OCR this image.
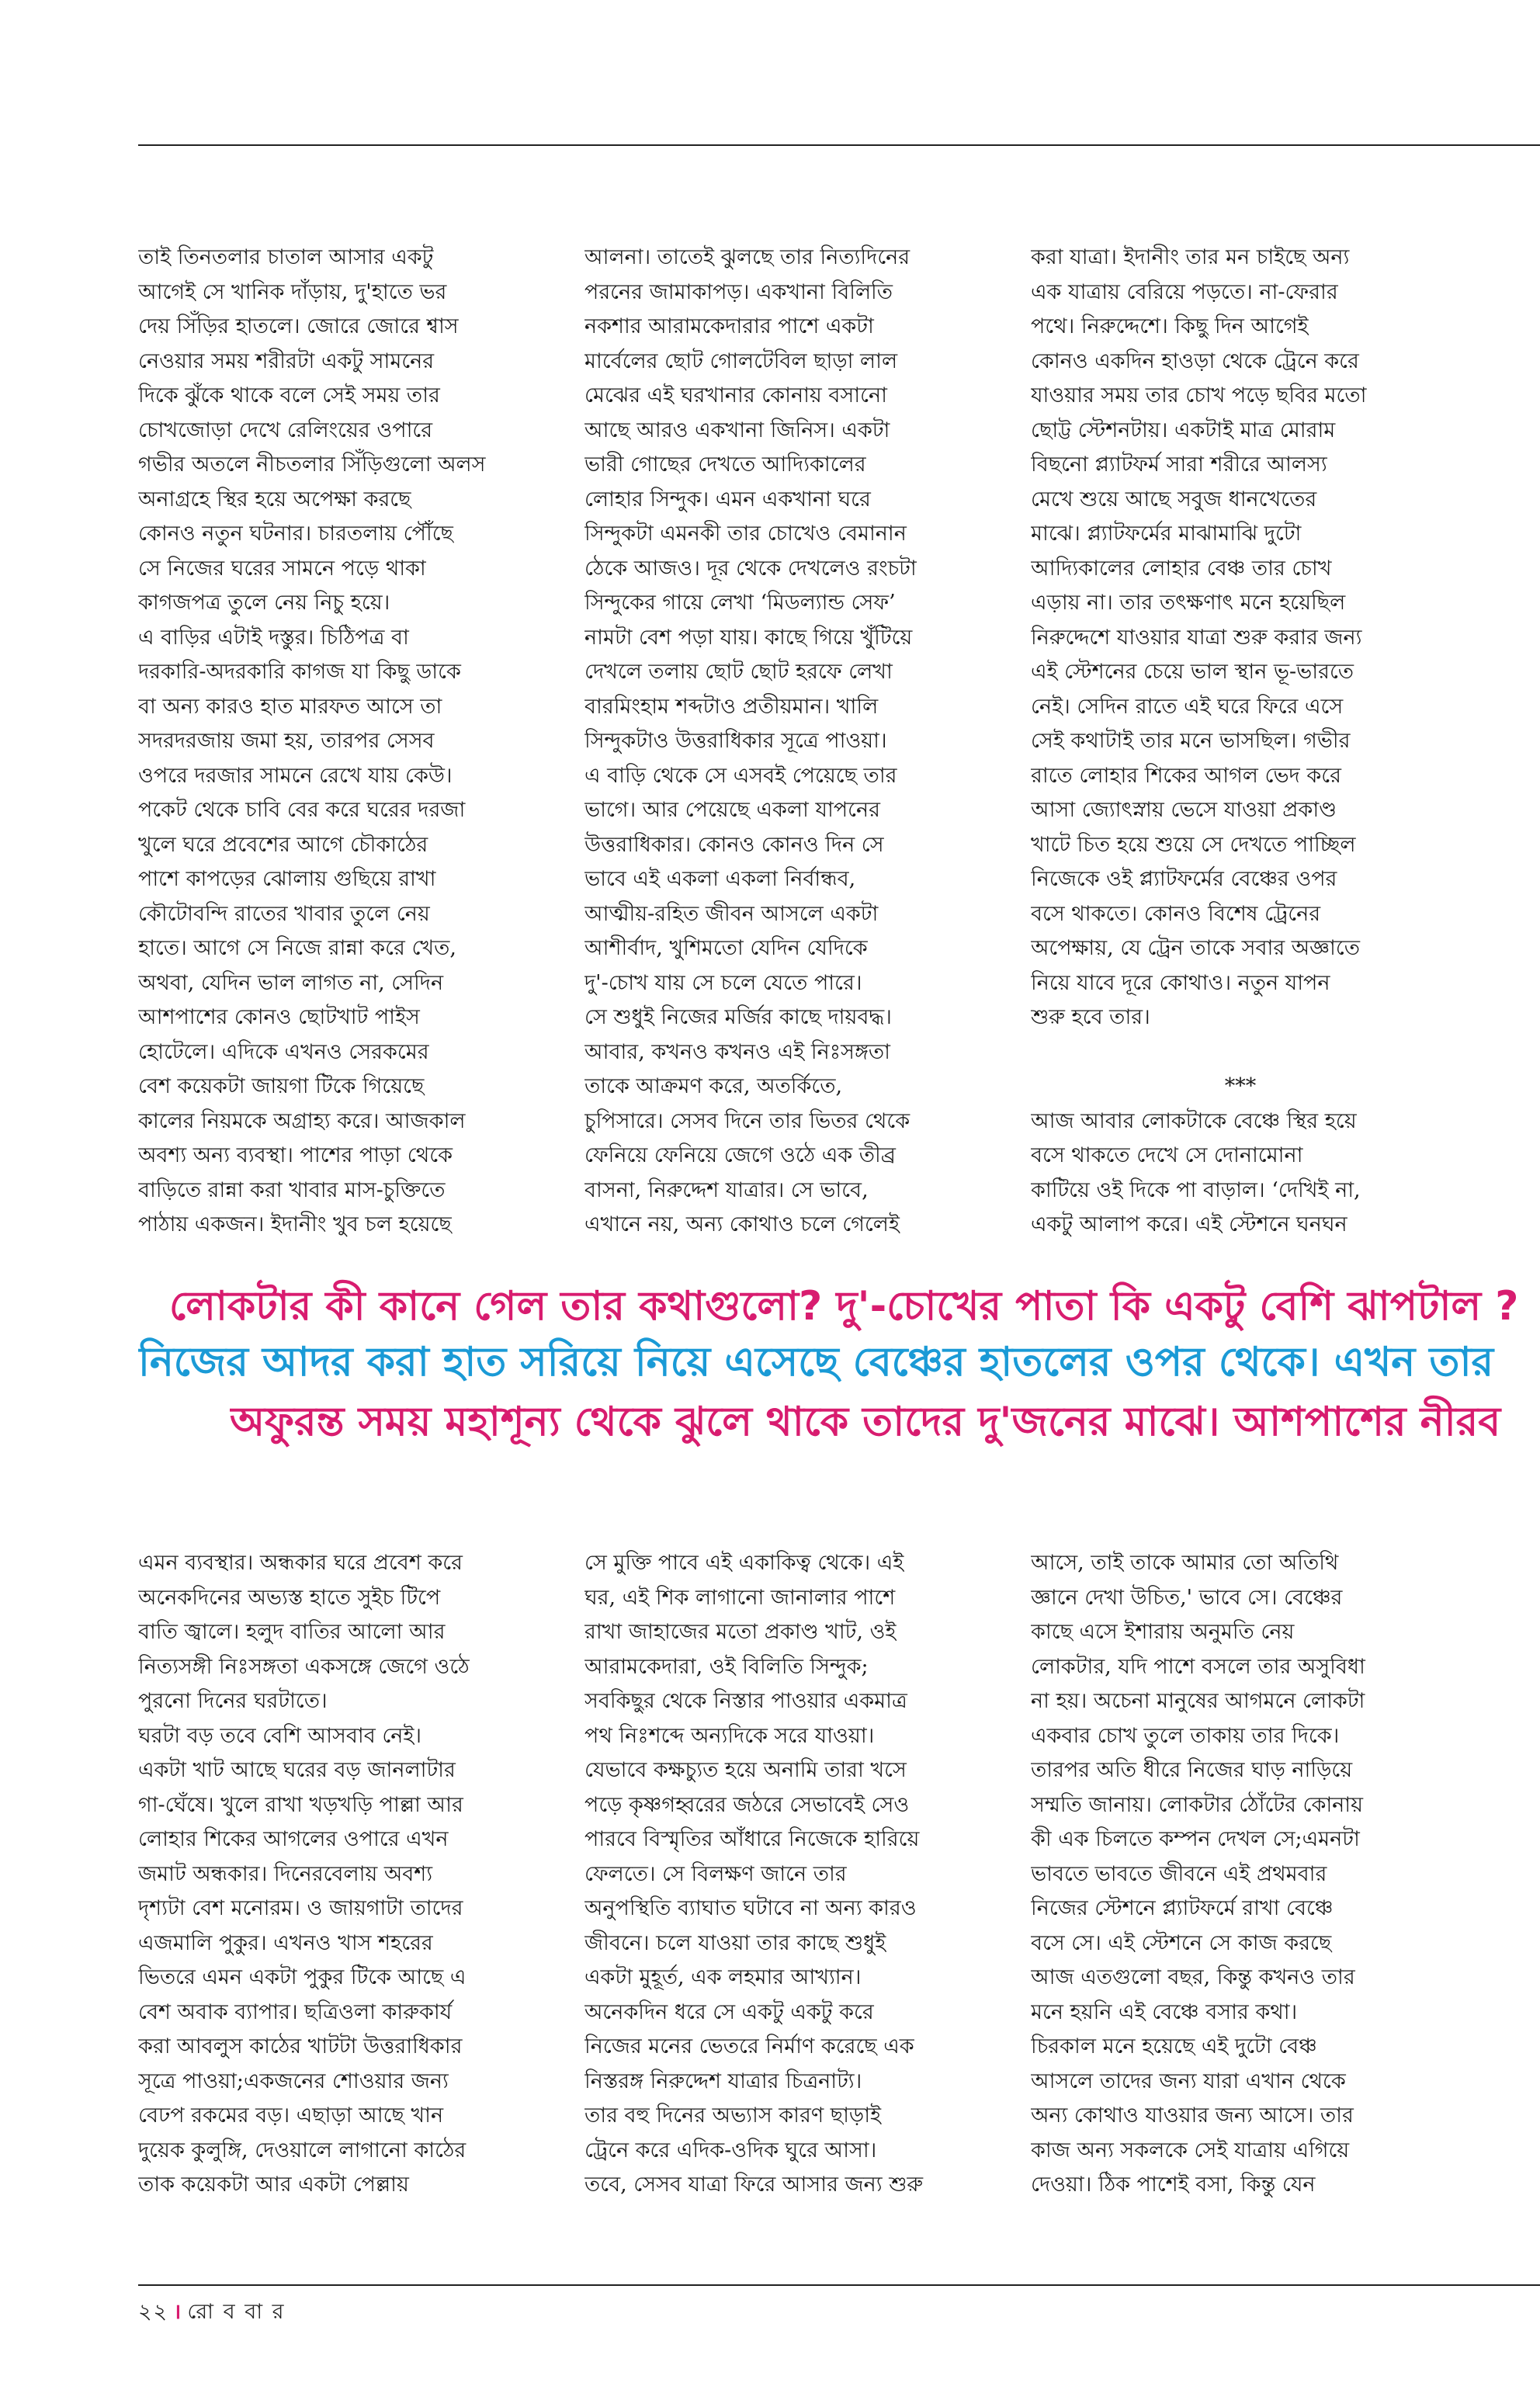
তাই তিনতলার চাতাল আসার একটু
আগেই সে খানিক দাঁড়ায়, দু'হাতে ভর
দেয় সিঁড়ির হাতলে। জোরে জোরে শ্বাস
নেওয়ার সময় শরীরটা একটু সামনের
দিকে ঝুঁকে থাকে বলে সেই সময় তার
চোখজোড়া দেখে রেলিংয়ের ওপারে
গভীর অতলে নীচতলার সিঁড়িগুলো অলস
অনাগ্রহে স্থির হয়ে অপেক্ষা করছে
কোনও নতুন ঘটনার। চারতলায় পৌঁছে
সে নিজের ঘরের সামনে পড়ে থাকা
কাগজপত্র তুলে নেয় নিচু হয়ে।
এ বাড়ির এটাই দস্তুর। চিঠিপত্র বা
দরকারি-অদরকারি কাগজ যা কিছু ডাকে
বা অন্য কারও হাত মারফত আসে তা
সদরদরজায় জমা হয়, তারপর সেসব
ওপরে দরজার সামনে রেখে যায় কেউ।
পকেট থেকে চাবি বের করে ঘরের দরজা
খুলে ঘরে প্রবেশের আগে চৌকাঠের
পাশে কাপড়ের ঝোলায় গুছিয়ে রাখা
কৌটোবন্দি রাতের খাবার তুলে নেয়
হাতে। আগে সে নিজে রান্না করে খেত,
অথবা, যেদিন ভাল লাগত না, সেদিন
আশপাশের কোনও ছোটখাট পাইস
হোটেলে। এদিকে এখনও সেরকমের
বেশ কয়েকটা জায়গা টিকে গিয়েছে
কালের নিয়মকে অগ্রাহ্য করে। আজকাল
অবশ্য অন্য ব্যবস্থা। পাশের পাড়া থেকে
বাড়িতে রান্না করা খাবার মাস-চুক্তিতে
পাঠায় একজন। ইদানীং খুব চল হয়েছে
আলনা। তাতেই ঝুলছে তার নিত্যদিনের
পরনের জামাকাপড়। একখানা বিলিতি
নকশার আরামকেদারার পাশে একটা
মার্বেলের ছোট গোলটেবিল ছাড়া লাল
মেঝের এই ঘরখানার কোনায় বসানো
আছে আরও একখানা জিনিস। একটা
ভারী গোছের দেখতে আদ্যিকালের
লোহার সিন্দুক। এমন একখানা ঘরে
সিন্দুকটা এমনকী তার চোখেও বেমানান
ঠেকে আজও। দূর থেকে দেখলেও রংচটা
সিন্দুকের গায়ে লেখা ‘মিডল্যান্ড সেফ’
নামটা বেশ পড়া যায়। কাছে গিয়ে খুঁটিয়ে
দেখলে তলায় ছোট ছোট হরফে লেখা
বারমিংহাম শব্দটাও প্রতীয়মান। খালি
সিন্দুকটাও উত্তরাধিকার সূত্রে পাওয়া।
এ বাড়ি থেকে সে এসবই পেয়েছে তার
ভাগে। আর পেয়েছে একলা যাপনের
উত্তরাধিকার। কোনও কোনও দিন সে
ভাবে এই একলা একলা নির্বান্ধব,
আত্মীয়-রহিত জীবন আসলে একটা
আশীর্বাদ, খুশিমতো যেদিন যেদিকে
দু'-চোখ যায় সে চলে যেতে পারে।
সে শুধুই নিজের মর্জির কাছে দায়বদ্ধ।
আবার, কখনও কখনও এই নিঃসঙ্গতা
তাকে আক্রমণ করে, অতর্কিতে,
চুপিসারে। সেসব দিনে তার ভিতর থেকে
ফেনিয়ে ফেনিয়ে জেগে ওঠে এক তীব্র
বাসনা, নিরুদ্দেশ যাত্রার। সে ভাবে,
এখানে নয়, অন্য কোথাও চলে গেলেই
করা যাত্রা। ইদানীং তার মন চাইছে অন্য
এক যাত্রায় বেরিয়ে পড়তে। না-ফেরার
পথে। নিরুদ্দেশে। কিছু দিন আগেই
কোনও একদিন হাওড়া থেকে ট্রেনে করে
যাওয়ার সময় তার চোখ পড়ে ছবির মতো
ছোট্ট স্টেশনটায়। একটাই মাত্র মোরাম
বিছনো প্ল্যাটফর্ম সারা শরীরে আলস্য
মেখে শুয়ে আছে সবুজ ধানখেতের
মাঝে। প্ল্যাটফর্মের মাঝামাঝি দুটো
আদ্যিকালের লোহার বেঞ্চ তার চোখ
এড়ায় না। তার তৎক্ষণাৎ মনে হয়েছিল
নিরুদ্দেশে যাওয়ার যাত্রা শুরু করার জন্য
এই স্টেশনের চেয়ে ভাল স্থান ভূ-ভারতে
নেই। সেদিন রাতে এই ঘরে ফিরে এসে
সেই কথাটাই তার মনে ভাসছিল। গভীর
রাতে লোহার শিকের আগল ভেদ করে
আসা জ্যোৎস্নায় ভেসে যাওয়া প্রকাণ্ড
খাটে চিত হয়ে শুয়ে সে দেখতে পাচ্ছিল
নিজেকে ওই প্ল্যাটফর্মের বেঞ্চের ওপর
বসে থাকতে। কোনও বিশেষ ট্রেনের
অপেক্ষায়, যে ট্রেন তাকে সবার অজ্ঞাতে
নিয়ে যাবে দূরে কোথাও। নতুন যাপন
শুরু হবে তার।
***
আজ আবার লোকটাকে বেঞ্চে স্থির হয়ে
বসে থাকতে দেখে সে দোনামোনা
কাটিয়ে ওই দিকে পা বাড়াল। ‘দেখিই না,
একটু আলাপ করে। এই স্টেশনে ঘনঘন
লোকটার কী কানে গেল তার কথাগুলো? দু'-চোখের পাতা কি একটু বেশি ঝাপটাল ?
নিজের আদর করা হাত সরিয়ে নিয়ে এসেছে বেঞ্চের হাতলের ওপর থেকে। এখন তার
অফুরন্ত সময় মহাশূন্য থেকে ঝুলে থাকে তাদের দু'জনের মাঝে। আশপাশের নীরব
এমন ব্যবস্থার। অন্ধকার ঘরে প্রবেশ করে
অনেকদিনের অভ্যস্ত হাতে সুইচ টিপে
বাতি জ্বালে। হলুদ বাতির আলো আর
নিত্যসঙ্গী নিঃসঙ্গতা একসঙ্গে জেগে ওঠে
পুরনো দিনের ঘরটাতে।
ঘরটা বড় তবে বেশি আসবাব নেই।
একটা খাট আছে ঘরের বড় জানলাটার
গা-ঘেঁষে। খুলে রাখা খড়খড়ি পাল্লা আর
লোহার শিকের আগলের ওপারে এখন
জমাট অন্ধকার। দিনেরবেলায় অবশ্য
দৃশ্যটা বেশ মনোরম। ও জায়গাটা তাদের
এজমালি পুকুর। এখনও খাস শহরের
ভিতরে এমন একটা পুকুর টিকে আছে এ
বেশ অবাক ব্যাপার। ছত্রিওলা কারুকার্য
করা আবলুস কাঠের খাটটা উত্তরাধিকার
সূত্রে পাওয়া;একজনের শোওয়ার জন্য
বেঢপ রকমের বড়। এছাড়া আছে খান
দুয়েক কুলুঙ্গি, দেওয়ালে লাগানো কাঠের
তাক কয়েকটা আর একটা পেল্লায়
সে মুক্তি পাবে এই একাকিত্ব থেকে। এই
ঘর, এই শিক লাগানো জানালার পাশে
রাখা জাহাজের মতো প্রকাণ্ড খাট, ওই
আরামকেদারা, ওই বিলিতি সিন্দুক;
সবকিছুর থেকে নিস্তার পাওয়ার একমাত্র
পথ নিঃশব্দে অন্যদিকে সরে যাওয়া।
যেভাবে কক্ষচ্যুত হয়ে অনামি তারা খসে
পড়ে কৃষ্ণগহ্বরের জঠরে সেভাবেই সেও
পারবে বিস্মৃতির আঁধারে নিজেকে হারিয়ে
ফেলতে। সে বিলক্ষণ জানে তার
অনুপস্থিতি ব্যাঘাত ঘটাবে না অন্য কারও
জীবনে। চলে যাওয়া তার কাছে শুধুই
একটা মুহূর্ত, এক লহমার আখ্যান।
অনেকদিন ধরে সে একটু একটু করে
নিজের মনের ভেতরে নির্মাণ করেছে এক
নিস্তরঙ্গ নিরুদ্দেশ যাত্রার চিত্রনাট্য।
তার বহু দিনের অভ্যাস কারণ ছাড়াই
ট্রেনে করে এদিক-ওদিক ঘুরে আসা।
তবে, সেসব যাত্রা ফিরে আসার জন্য শুরু
আসে, তাই তাকে আমার তো অতিথি
জ্ঞানে দেখা উচিত,' ভাবে সে। বেঞ্চের
কাছে এসে ইশারায় অনুমতি নেয়
লোকটার, যদি পাশে বসলে তার অসুবিধা
না হয়। অচেনা মানুষের আগমনে লোকটা
একবার চোখ তুলে তাকায় তার দিকে।
তারপর অতি ধীরে নিজের ঘাড় নাড়িয়ে
সম্মতি জানায়। লোকটার ঠোঁটের কোনায়
কী এক চিলতে কম্পন দেখল সে;এমনটা
ভাবতে ভাবতে জীবনে এই প্রথমবার
নিজের স্টেশনে প্ল্যাটফর্মে রাখা বেঞ্চে
বসে সে। এই স্টেশনে সে কাজ করছে
আজ এতগুলো বছর, কিন্তু কখনও তার
মনে হয়নি এই বেঞ্চে বসার কথা।
চিরকাল মনে হয়েছে এই দুটো বেঞ্চ
আসলে তাদের জন্য যারা এখান থেকে
অন্য কোথাও যাওয়ার জন্য আসে। তার
কাজ অন্য সকলকে সেই যাত্রায় এগিয়ে
দেওয়া। ঠিক পাশেই বসা, কিন্তু যেন
২২ । রো ব বা র
